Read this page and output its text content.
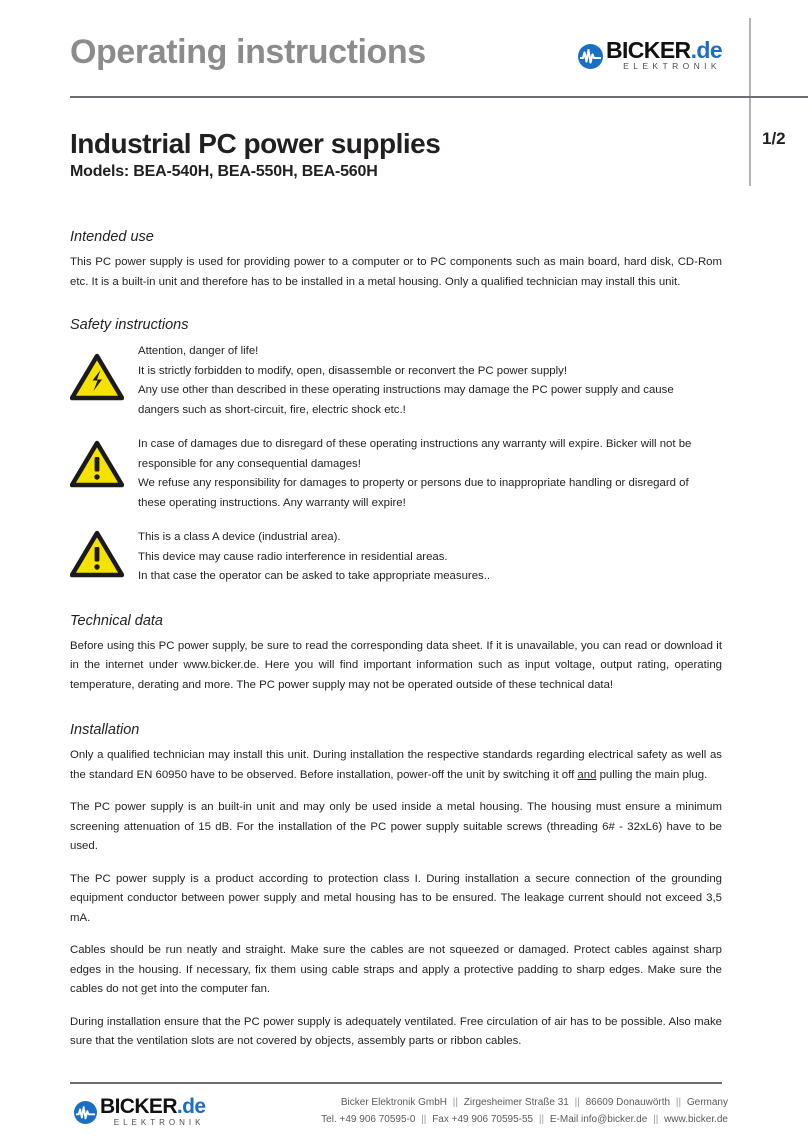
Operating instructions	BICKER.de
ELEKTRONIK
1/2
Industrial PC power supplies
Models: BEA-540H, BEA-550H, BEA-560H
Intended use

This PC power supply is used for providing power to a computer or to PC components such as main board, hard disk, CD-Rom etc. It is a built-in unit and therefore has to be installed in a metal housing. Only a qualified technician may install this unit.

Safety instructions
Attention, danger of life!
It is strictly forbidden to modify, open, disassemble or reconvert the PC power supply!
Any use other than described in these operating instructions may damage the PC power supply and cause
dangers such as short-circuit, fire, electric shock etc.!
In case of damages due to disregard of these operating instructions any warranty will expire. Bicker will not be
responsible for any consequential damages!
We refuse any responsibility for damages to property or persons due to inappropriate handling or disregard of
these operating instructions. Any warranty will expire!
This is a class A device (industrial area).
This device may cause radio interference in residential areas.
In that case the operator can be asked to take appropriate measures..
Technical data

Before using this PC power supply, be sure to read the corresponding data sheet. If it is unavailable, you can read or download it in the internet under www.bicker.de. Here you will find important information such as input voltage, output rating, operating temperature, derating and more. The PC power supply may not be operated outside of these technical data!

Installation

Only a qualified technician may install this unit. During installation the respective standards regarding electrical safety as well as the standard EN 60950 have to be observed. Before installation, power-off the unit by switching it off and pulling the main plug.

The PC power supply is an built-in unit and may only be used inside a metal housing. The housing must ensure a minimum screening attenuation of 15 dB. For the installation of the PC power supply suitable screws (threading 6# - 32xL6) have to be used.

The PC power supply is a product according to protection class I. During installation a secure connection of the grounding equipment conductor between power supply and metal housing has to be ensured. The leakage current should not exceed 3,5 mA.

Cables should be run neatly and straight. Make sure the cables are not squeezed or damaged. Protect cables against sharp edges in the housing. If necessary, fix them using cable straps and apply a protective padding to sharp edges. Make sure the cables do not get into the computer fan.

During installation ensure that the PC power supply is adequately ventilated. Free circulation of air has to be possible. Also make sure that the ventilation slots are not covered by objects, assembly parts or ribbon cables.

BICKER.de
ELEKTRONIK
Bicker Elektronik GmbH || Zirgesheimer Straße 31 || 86609 Donauwörth || Germany
Tel. +49 906 70595-0 || Fax +49 906 70595-55 || E-Mail info@bicker.de || www.bicker.de
